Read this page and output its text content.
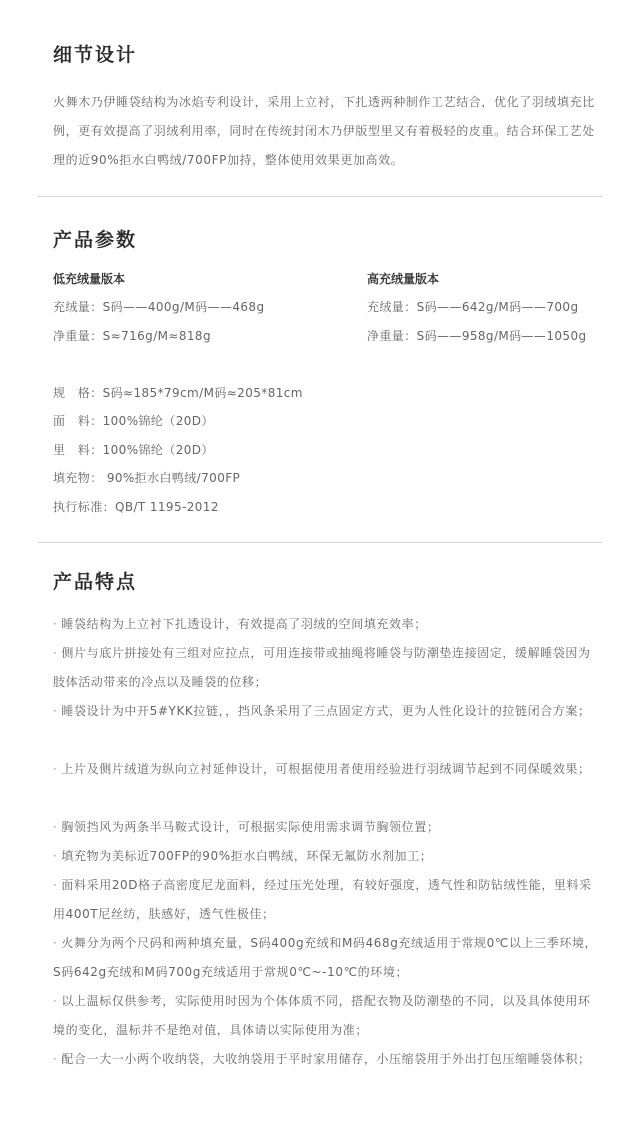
细节设计
火舞木乃伊睡袋结构为冰焰专利设计，采用上立衬，下扎透两种制作工艺结合，优化了羽绒填充比例，更有效提高了羽绒利用率，同时在传统封闭木乃伊版型里又有着极轻的皮重。结合环保工艺处理的近90%拒水白鸭绒/700FP加持，整体使用效果更加高效。
产品参数
低充绒量版本
充绒量：S码——400g/M码——468g
净重量：S≈716g/M≈818g
高充绒量版本
充绒量：S码——642g/M码——700g
净重量：S码——958g/M码——1050g
规　格：S码≈185*79cm/M码≈205*81cm
面　料：100%锦纶（20D）
里　料：100%锦纶（20D）
填充物： 90%拒水白鸭绒/700FP
执行标准：QB/T 1195-2012
产品特点
· 睡袋结构为上立衬下扎透设计，有效提高了羽绒的空间填充效率；
· 侧片与底片拼接处有三组对应拉点，可用连接带或抽绳将睡袋与防潮垫连接固定，缓解睡袋因为肢体活动带来的冷点以及睡袋的位移；
· 睡袋设计为中开5#YKK拉链，，挡风条采用了三点固定方式，更为人性化设计的拉链闭合方案；
· 上片及侧片绒道为纵向立衬延伸设计，可根据使用者使用经验进行羽绒调节起到不同保暖效果；
· 胸领挡风为两条半马鞍式设计，可根据实际使用需求调节胸领位置；
· 填充物为美标近700FP的90%拒水白鸭绒，环保无氟防水剂加工；
· 面料采用20D格子高密度尼龙面料，经过压光处理，有较好强度，透气性和防钻绒性能，里料采用400T尼丝纺，肤感好，透气性极佳；
· 火舞分为两个尺码和两种填充量，S码400g充绒和M码468g充绒适用于常规0℃以上三季环境，S码642g充绒和M码700g充绒适用于常规0℃~-10℃的环境；
· 以上温标仅供参考，实际使用时因为个体体质不同，搭配衣物及防潮垫的不同，以及具体使用环境的变化，温标并不是绝对值，具体请以实际使用为准；
· 配合一大一小两个收纳袋，大收纳袋用于平时家用储存，小压缩袋用于外出打包压缩睡袋体积；
